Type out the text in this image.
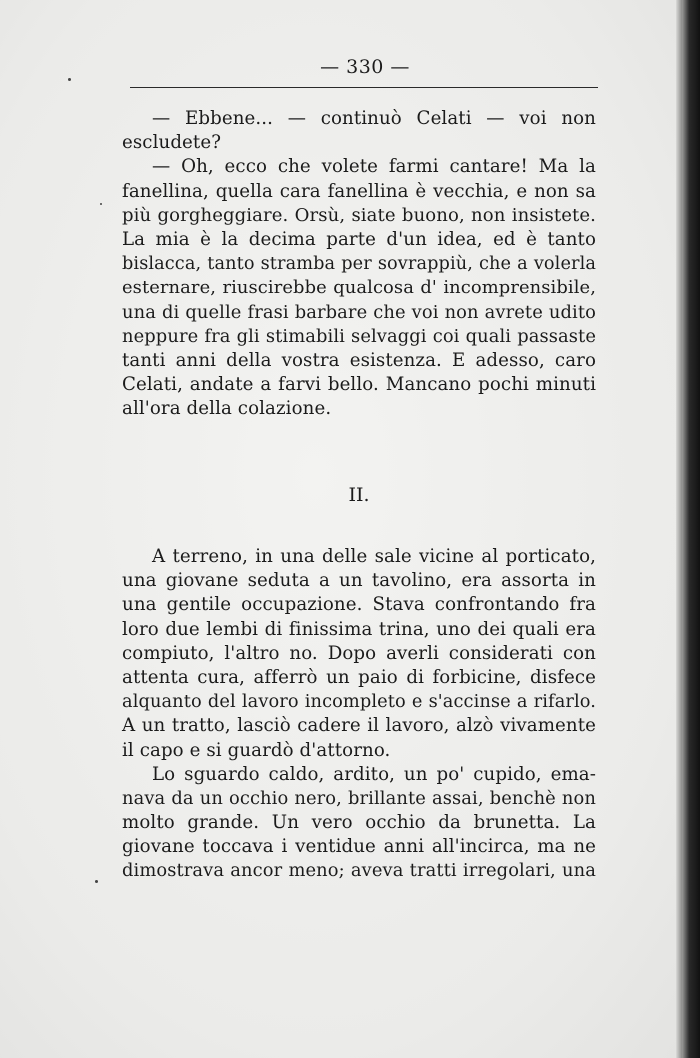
— 330 —
— Ebbene... — continuò Celati — voi non
escludete?
— Oh, ecco che volete farmi cantare! Ma la
fanellina, quella cara fanellina è vecchia, e non sa
più gorgheggiare. Orsù, siate buono, non insistete.
La mia è la decima parte d'un idea, ed è tanto
bislacca, tanto stramba per sovrappiù, che a volerla
esternare, riuscirebbe qualcosa d' incomprensibile,
una di quelle frasi barbare che voi non avrete udito
neppure fra gli stimabili selvaggi coi quali passaste
tanti anni della vostra esistenza. E adesso, caro
Celati, andate a farvi bello. Mancano pochi minuti
all'ora della colazione.
II.
A terreno, in una delle sale vicine al porticato,
una giovane seduta a un tavolino, era assorta in
una gentile occupazione. Stava confrontando fra
loro due lembi di finissima trina, uno dei quali era
compiuto, l'altro no. Dopo averli considerati con
attenta cura, afferrò un paio di forbicine, disfece
alquanto del lavoro incompleto e s'accinse a rifarlo.
A un tratto, lasciò cadere il lavoro, alzò vivamente
il capo e si guardò d'attorno.
Lo sguardo caldo, ardito, un po' cupido, ema-
nava da un occhio nero, brillante assai, benchè non
molto grande. Un vero occhio da brunetta. La
giovane toccava i ventidue anni all'incirca, ma ne
dimostrava ancor meno; aveva tratti irregolari, una
